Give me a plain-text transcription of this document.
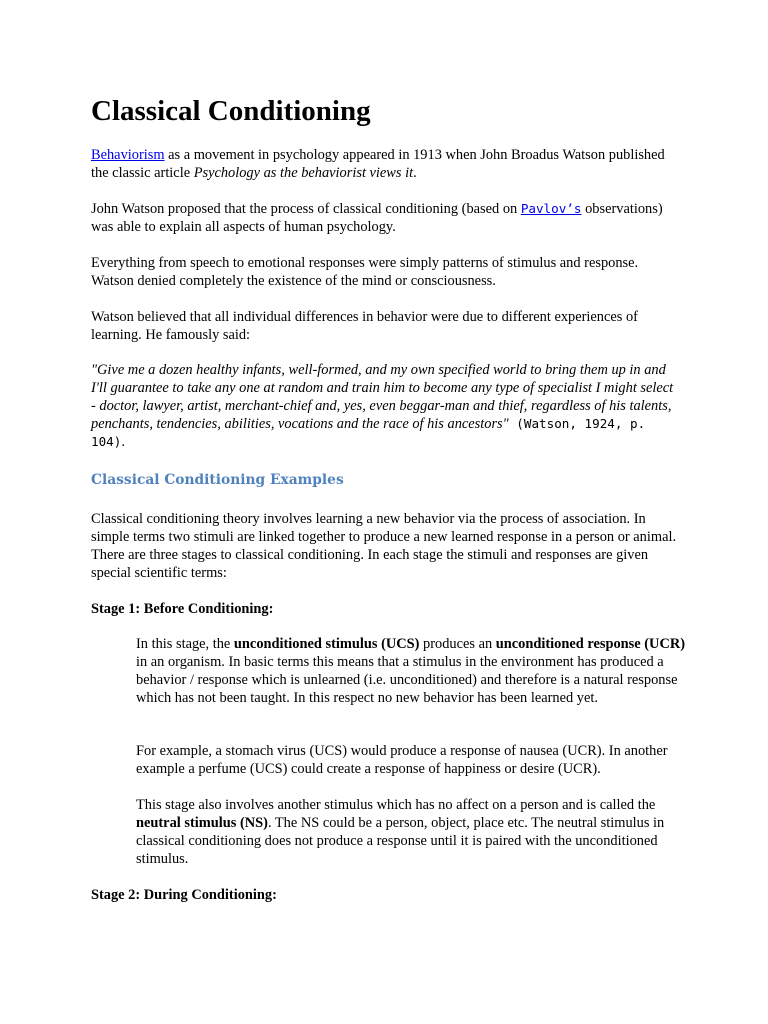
Classical Conditioning

Behaviorism as a movement in psychology appeared in 1913 when John Broadus Watson published the classic article Psychology as the behaviorist views it.

John Watson proposed that the process of classical conditioning (based on Pavlov’s observations) was able to explain all aspects of human psychology.

Everything from speech to emotional responses were simply patterns of stimulus and response. Watson denied completely the existence of the mind or consciousness.

Watson believed that all individual differences in behavior were due to different experiences of learning. He famously said:

"Give me a dozen healthy infants, well-formed, and my own specified world to bring them up in and I'll guarantee to take any one at random and train him to become any type of specialist I might select - doctor, lawyer, artist, merchant-chief and, yes, even beggar-man and thief, regardless of his talents, penchants, tendencies, abilities, vocations and the race of his ancestors" (Watson, 1924, p. 104).

Classical Conditioning Examples

Classical conditioning theory involves learning a new behavior via the process of association. In simple terms two stimuli are linked together to produce a new learned response in a person or animal. There are three stages to classical conditioning. In each stage the stimuli and responses are given special scientific terms:

Stage 1: Before Conditioning:

In this stage, the unconditioned stimulus (UCS) produces an unconditioned response (UCR) in an organism. In basic terms this means that a stimulus in the environment has produced a behavior / response which is unlearned (i.e. unconditioned) and therefore is a natural response which has not been taught. In this respect no new behavior has been learned yet.

For example, a stomach virus (UCS) would produce a response of nausea (UCR). In another example a perfume (UCS) could create a response of happiness or desire (UCR).

This stage also involves another stimulus which has no affect on a person and is called the neutral stimulus (NS). The NS could be a person, object, place etc. The neutral stimulus in classical conditioning does not produce a response until it is paired with the unconditioned stimulus.

Stage 2: During Conditioning:
